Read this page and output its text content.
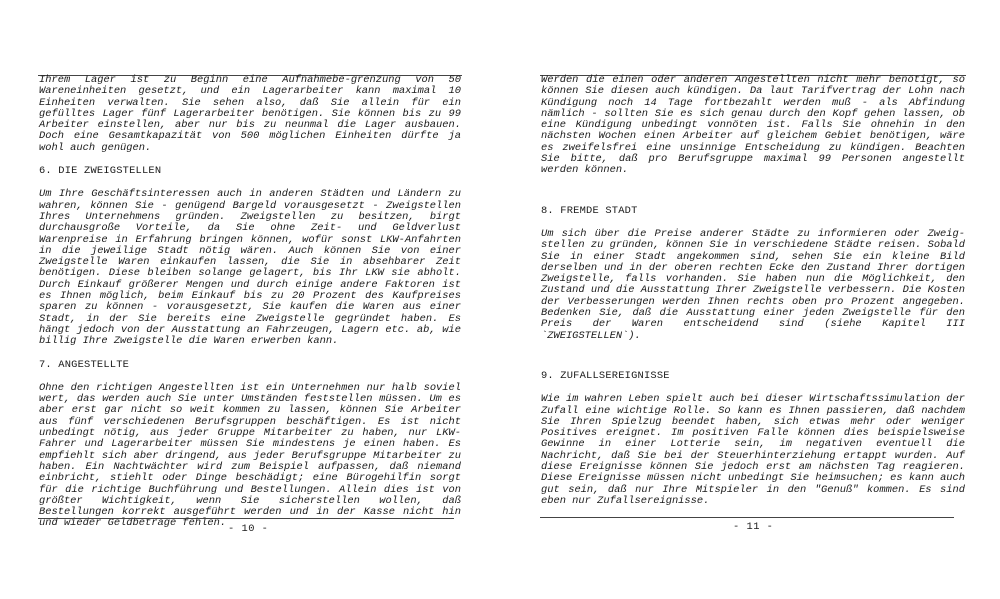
Ihrem Lager ist zu Beginn eine Aufnahmebe-grenzung von 50 Wareneinheiten gesetzt, und ein Lagerarbeiter kann maximal 10 Einheiten verwalten. Sie sehen also, daß Sie allein für ein gefülltes Lager fünf Lagerarbeiter benötigen. Sie können bis zu 99 Arbeiter einstellen, aber nur bis zu neunmal die Lager ausbauen. Doch eine Gesamtkapazität von 500 möglichen Einheiten dürfte ja wohl auch genügen.

6. DIE ZWEIGSTELLEN

Um Ihre Geschäftsinteressen auch in anderen Städten und Ländern zu wahren, können Sie - genügend Bargeld vorausgesetzt - Zweigstellen Ihres Unternehmens gründen. Zweigstellen zu besitzen, birgt durchausgroße Vorteile, da Sie ohne Zeit- und Geldverlust Warenpreise in Erfahrung bringen können, wofür sonst LKW-Anfahrten in die jeweilige Stadt nötig wären. Auch können Sie von einer Zweigstelle Waren einkaufen lassen, die Sie in absehbarer Zeit benötigen. Diese bleiben solange gelagert, bis Ihr LKW sie abholt. Durch Einkauf größerer Mengen und durch einige andere Faktoren ist es Ihnen möglich, beim Einkauf bis zu 20 Prozent des Kaufpreises sparen zu können - vorausgesetzt, Sie kaufen die Waren aus einer Stadt, in der Sie bereits eine Zweigstelle gegründet haben. Es hängt jedoch von der Ausstattung an Fahrzeugen, Lagern etc. ab, wie billig Ihre Zweigstelle die Waren erwerben kann.

7. ANGESTELLTE

Ohne den richtigen Angestellten ist ein Unternehmen nur halb soviel wert, das werden auch Sie unter Umständen feststellen müssen. Um es aber erst gar nicht so weit kommen zu lassen, können Sie Arbeiter aus fünf verschiedenen Berufsgruppen beschäftigen. Es ist nicht unbedingt nötig, aus jeder Gruppe Mitarbeiter zu haben, nur LKW-Fahrer und Lagerarbeiter müssen Sie mindestens je einen haben. Es empfiehlt sich aber dringend, aus jeder Berufsgruppe Mitarbeiter zu haben. Ein Nachtwächter wird zum Beispiel aufpassen, daß niemand einbricht, stiehlt oder Dinge beschädigt; eine Bürogehilfin sorgt für die richtige Buchführung und Bestellungen. Allein dies ist von größter Wichtigkeit, wenn Sie sicherstellen wollen, daß Bestellungen korrekt ausgeführt werden und in der Kasse nicht hin und wieder Geldbeträge fehlen. - 10 -

Werden die einen oder anderen Angestellten nicht mehr benötigt, so können Sie diesen auch kündigen. Da laut Tarifvertrag der Lohn nach Kündigung noch 14 Tage fortbezahlt werden muß - als Abfindung nämlich - sollten Sie es sich genau durch den Kopf gehen lassen, ob eine Kündigung unbedingt vonnöten ist. Falls Sie ohnehin in den nächsten Wochen einen Arbeiter auf gleichem Gebiet benötigen, wäre es zweifelsfrei eine unsinnige Entscheidung zu kündigen. Beachten Sie bitte, daß pro Berufsgruppe maximal 99 Personen angestellt werden können.

8. FREMDE STADT

Um sich über die Preise anderer Städte zu informieren oder Zweig-stellen zu gründen, können Sie in verschiedene Städte reisen. Sobald Sie in einer Stadt angekommen sind, sehen Sie ein kleine Bild derselben und in der oberen rechten Ecke den Zustand Ihrer dortigen Zweigstelle, falls vorhanden. Sie haben nun die Möglichkeit, den Zustand und die Ausstattung Ihrer Zweigstelle verbessern. Die Kosten der Verbesserungen werden Ihnen rechts oben pro Prozent angegeben. Bedenken Sie, daß die Ausstattung einer jeden Zweigstelle für den Preis der Waren entscheidend sind (siehe Kapitel III `ZWEIGSTELLEN`).

9. ZUFALLSEREIGNISSE

Wie im wahren Leben spielt auch bei dieser Wirtschaftssimulation der Zufall eine wichtige Rolle. So kann es Ihnen passieren, daß nachdem Sie Ihren Spielzug beendet haben, sich etwas mehr oder weniger Positives ereignet. Im positiven Falle können dies beispielsweise Gewinne in einer Lotterie sein, im negativen eventuell die Nachricht, daß Sie bei der Steuerhinterziehung ertappt wurden. Auf diese Ereignisse können Sie jedoch erst am nächsten Tag reagieren. Diese Ereignisse müssen nicht unbedingt Sie heimsuchen; es kann auch gut sein, daß nur Ihre Mitspieler in den "Genuß" kommen. Es sind eben nur Zufallsereignisse.

- 11 -
